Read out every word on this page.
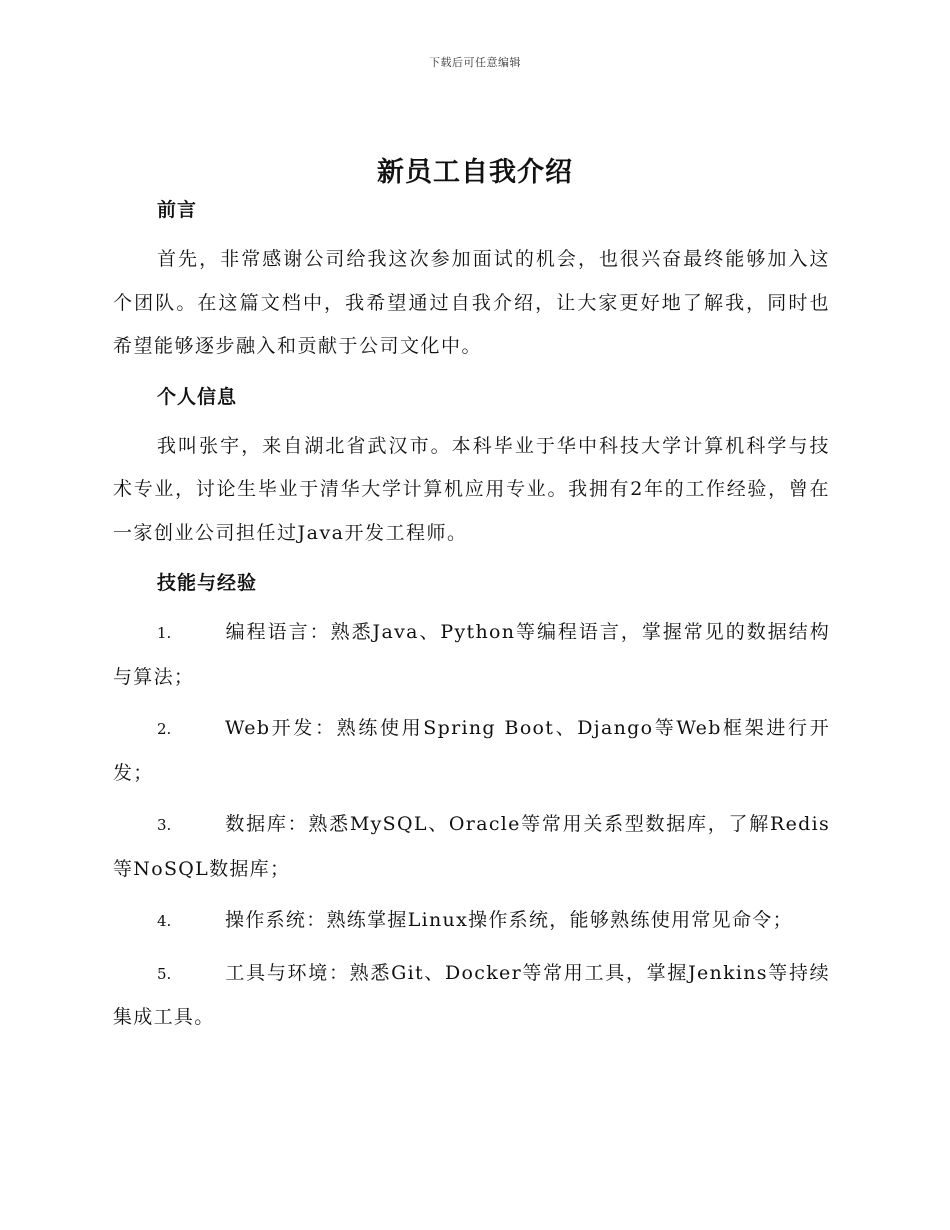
下载后可任意编辑
新员工自我介绍
前言

首先，非常感谢公司给我这次参加面试的机会，也很兴奋最终能够加入这个团队。在这篇文档中，我希望通过自我介绍，让大家更好地了解我，同时也希望能够逐步融入和贡献于公司文化中。

个人信息

我叫张宇，来自湖北省武汉市。本科毕业于华中科技大学计算机科学与技术专业，讨论生毕业于清华大学计算机应用专业。我拥有2年的工作经验，曾在一家创业公司担任过Java开发工程师。

技能与经验
1.	编程语言：熟悉Java、Python等编程语言，掌握常见的数据结构与算法；
2.	Web开发：熟练使用Spring Boot、Django等Web框架进行开发；
3.	数据库：熟悉MySQL、Oracle等常用关系型数据库，了解Redis等NoSQL数据库；
4.	操作系统：熟练掌握Linux操作系统，能够熟练使用常见命令；
5.	工具与环境：熟悉Git、Docker等常用工具，掌握Jenkins等持续集成工具。
